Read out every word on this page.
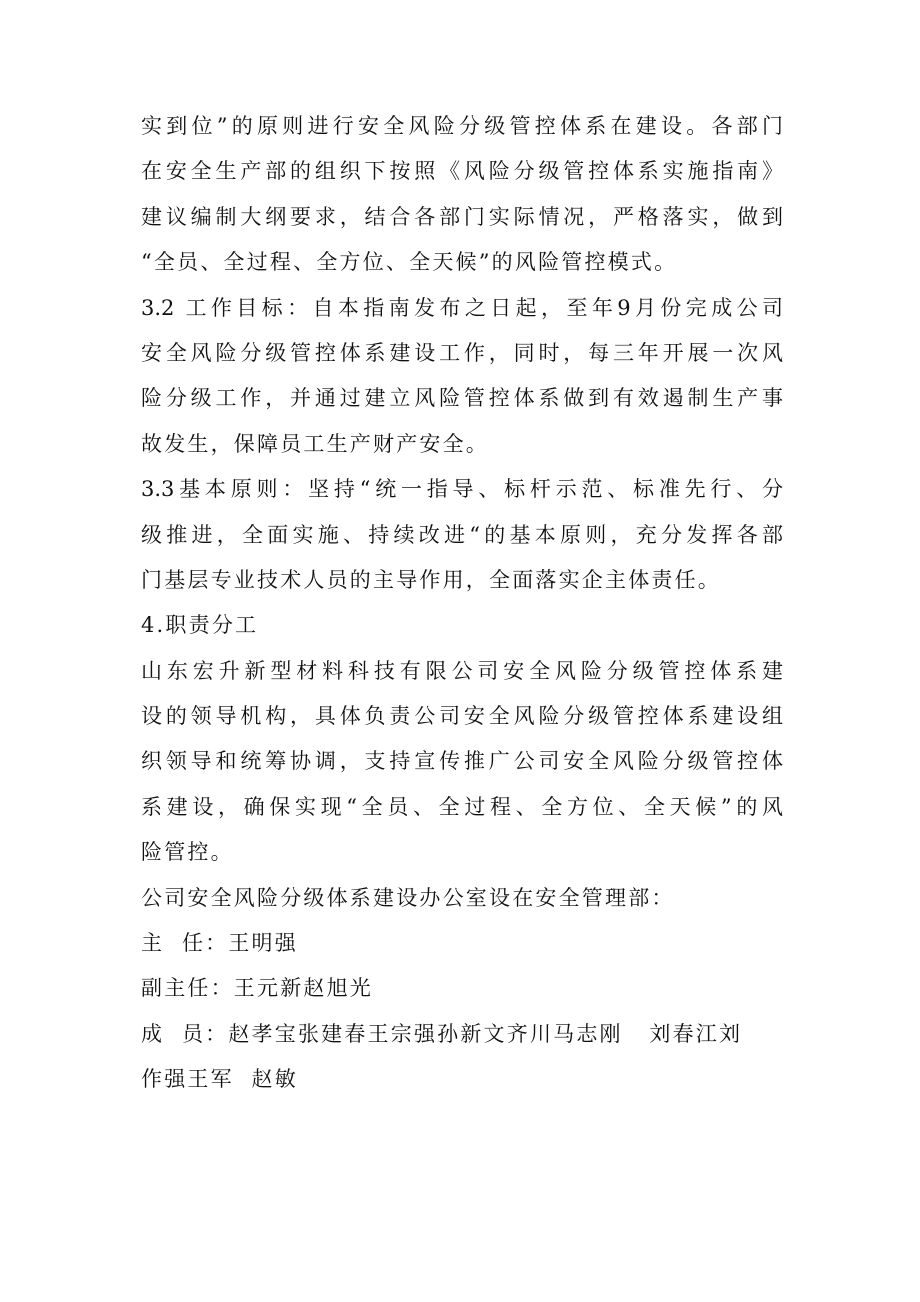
实到位”的原则进行安全风险分级管控体系在建设。各部门
在安全生产部的组织下按照《风险分级管控体系实施指南》
建议编制大纲要求，结合各部门实际情况，严格落实，做到
“全员、全过程、全方位、全天候”的风险管控模式。
3.2 工作目标：自本指南发布之日起，至年9月份完成公司
安全风险分级管控体系建设工作，同时，每三年开展一次风
险分级工作，并通过建立风险管控体系做到有效遏制生产事
故发生，保障员工生产财产安全。
3.3基本原则：坚持“统一指导、标杆示范、标准先行、分
级推进，全面实施、持续改进“的基本原则，充分发挥各部
门基层专业技术人员的主导作用，全面落实企主体责任。
4.职责分工
山东宏升新型材料科技有限公司安全风险分级管控体系建
设的领导机构，具体负责公司安全风险分级管控体系建设组
织领导和统筹协调，支持宣传推广公司安全风险分级管控体
系建设，确保实现“全员、全过程、全方位、全天候”的风
险管控。
公司安全风险分级体系建设办公室设在安全管理部：
主  任：王明强
副主任：王元新赵旭光
成  员：赵孝宝张建春王宗强孙新文齐川马志刚   刘春江刘
作强王军  赵敏
